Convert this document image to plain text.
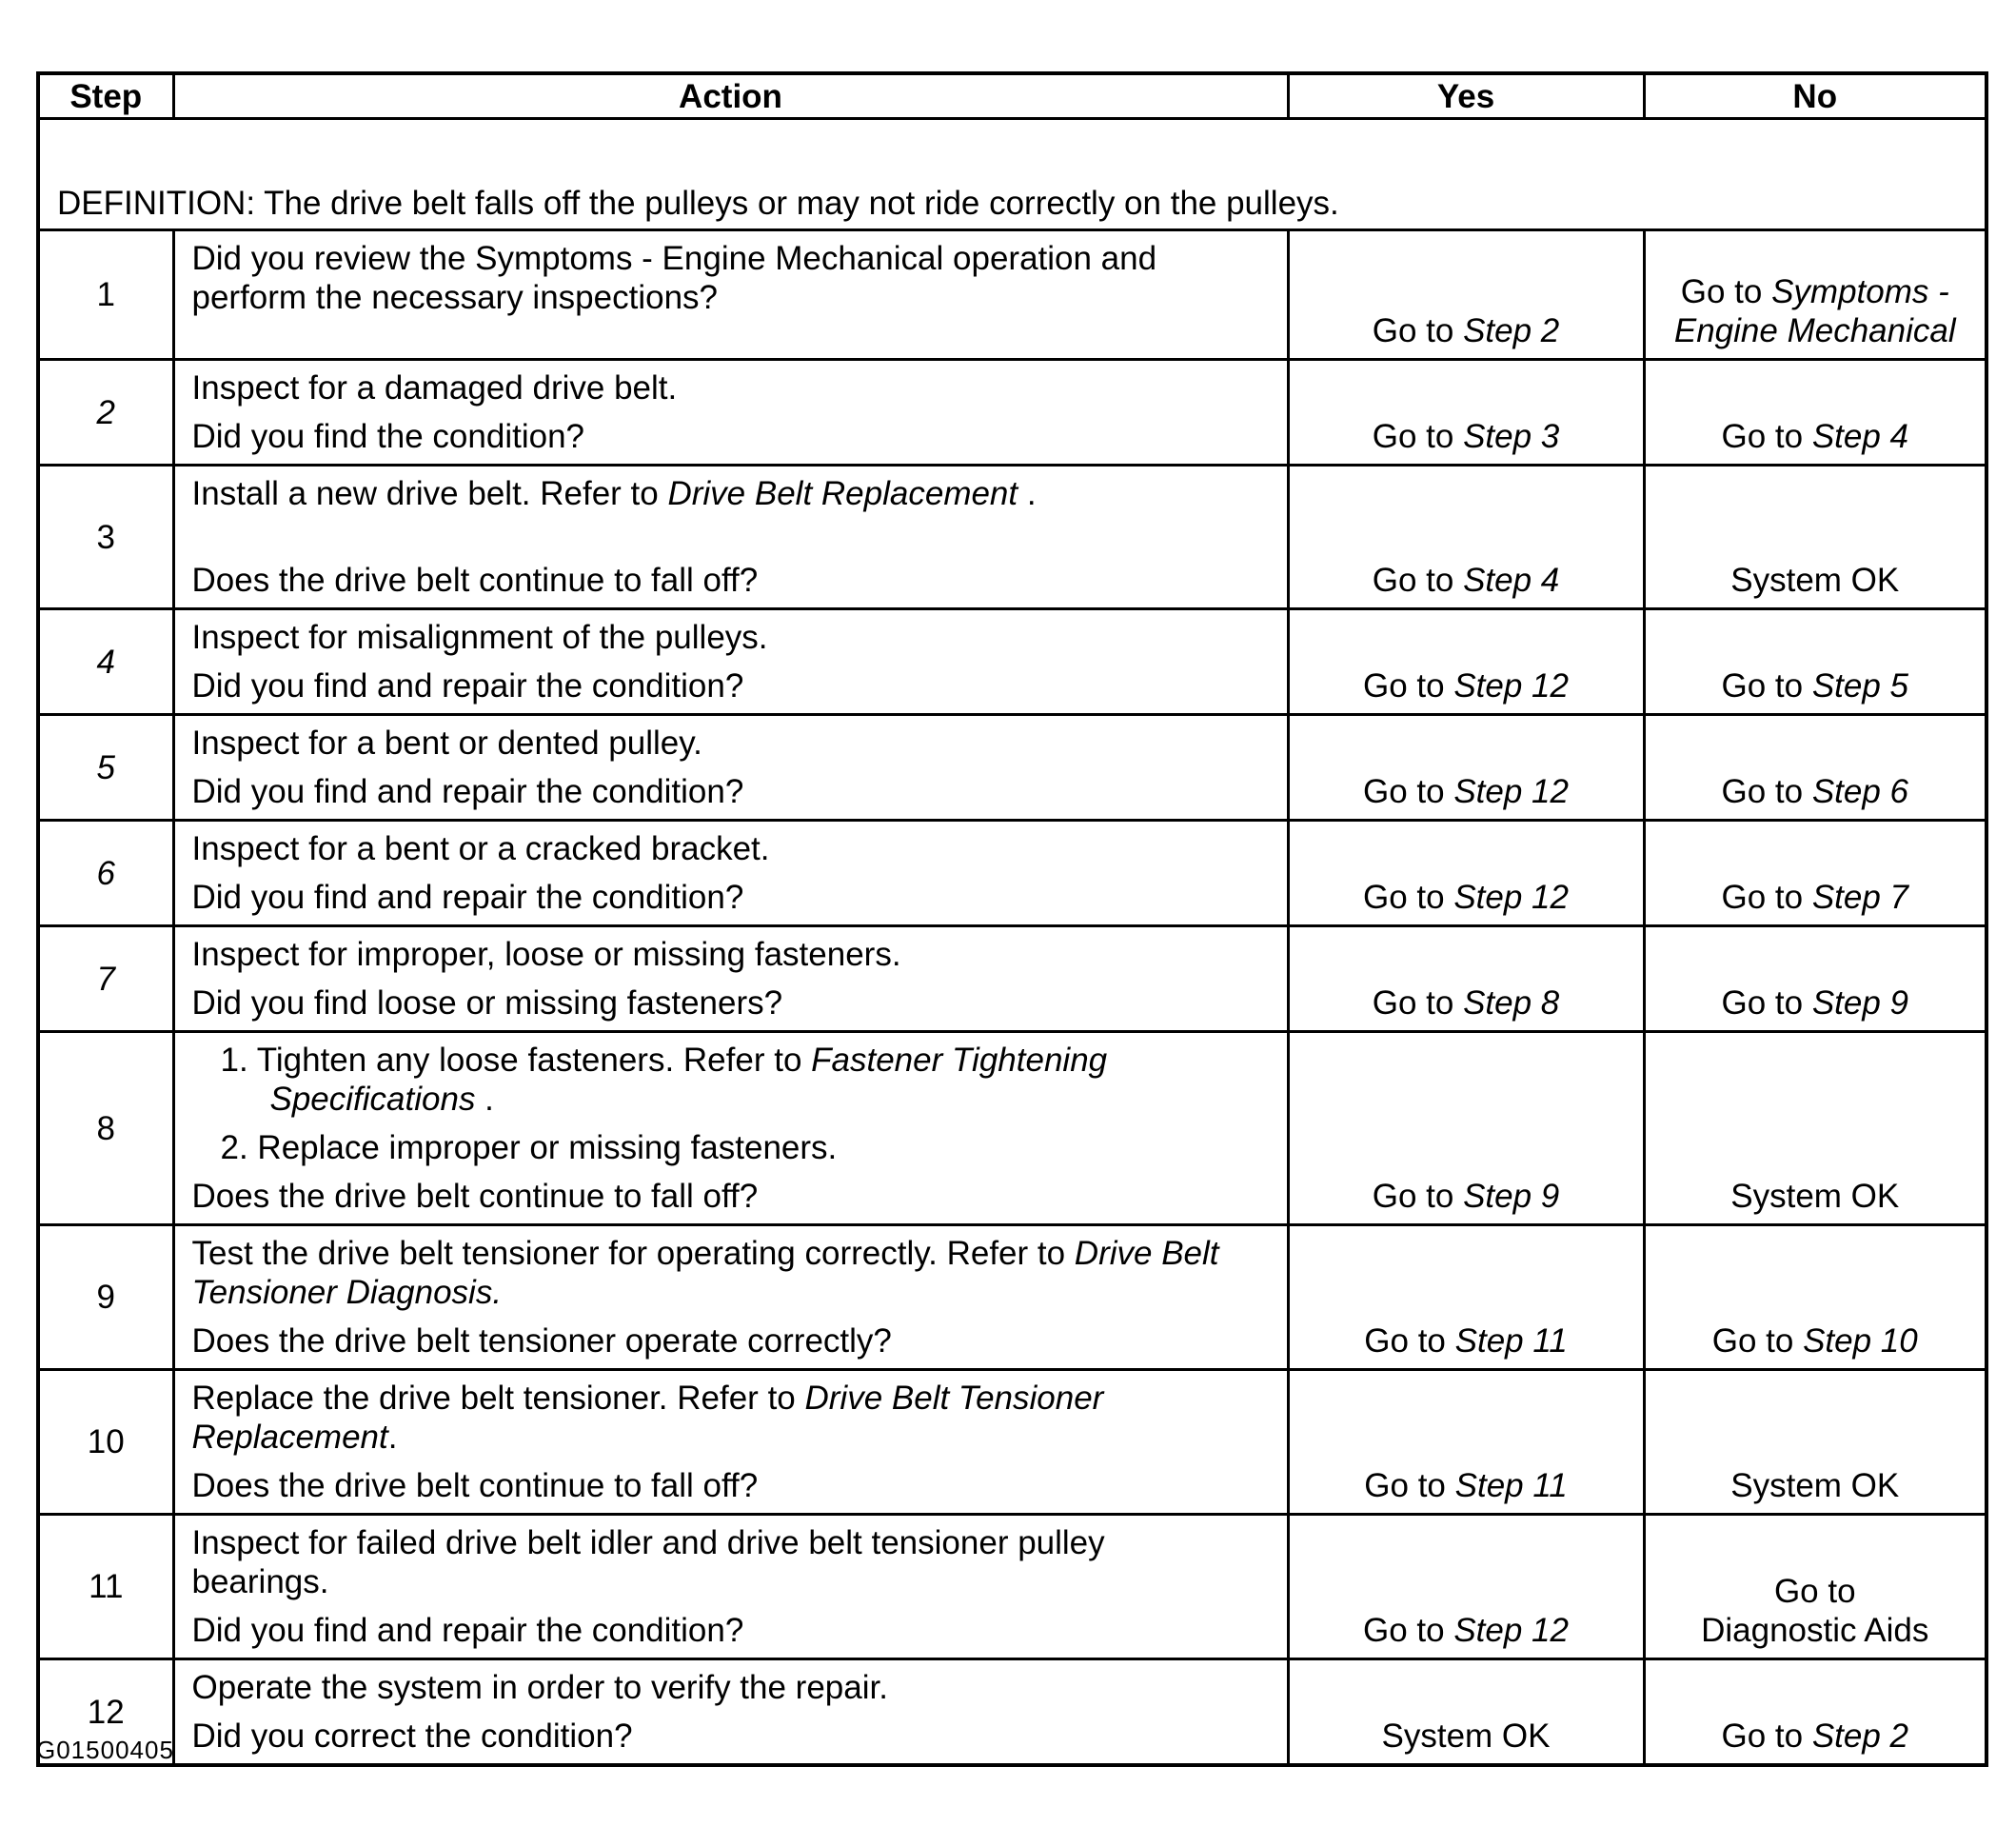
Step	Action	Yes	No
DEFINITION: The drive belt falls off the pulleys or may not ride correctly on the pulleys.			
1	Did you review the Symptoms - Engine Mechanical operation and
perform the necessary inspections?	Go to Step 2	Go to Symptoms -
Engine Mechanical

2	Inspect for a damaged drive belt.
Did you find the condition?	Go to Step 3	Go to Step 4
3	Install a new drive belt. Refer to Drive Belt Replacement .
Does the drive belt continue to fall off?	Go to Step 4	System OK
4	Inspect for misalignment of the pulleys.
Did you find and repair the condition?	Go to Step 12	Go to Step 5
5	Inspect for a bent or dented pulley.
Did you find and repair the condition?	Go to Step 12	Go to Step 6
6	Inspect for a bent or a cracked bracket.
Did you find and repair the condition?	Go to Step 12	Go to Step 7
7	Inspect for improper, loose or missing fasteners.
Did you find loose or missing fasteners?	Go to Step 8	Go to Step 9
8	1. Tighten any loose fasteners. Refer to Fastener Tightening
Specifications .
2. Replace improper or missing fasteners.
Does the drive belt continue to fall off?	Go to Step 9	System OK
9	Test the drive belt tensioner for operating correctly. Refer to Drive Belt
Tensioner Diagnosis.
Does the drive belt tensioner operate correctly?	Go to Step 11	Go to Step 10
10	Replace the drive belt tensioner. Refer to Drive Belt Tensioner
Replacement.
Does the drive belt continue to fall off?	Go to Step 11	System OK
11	Inspect for failed drive belt idler and drive belt tensioner pulley
bearings.
Did you find and repair the condition?	Go to Step 12	Go to
Diagnostic Aids

12	Operate the system in order to verify the repair.
Did you correct the condition?	System OK	Go to Step 2
G01500405
